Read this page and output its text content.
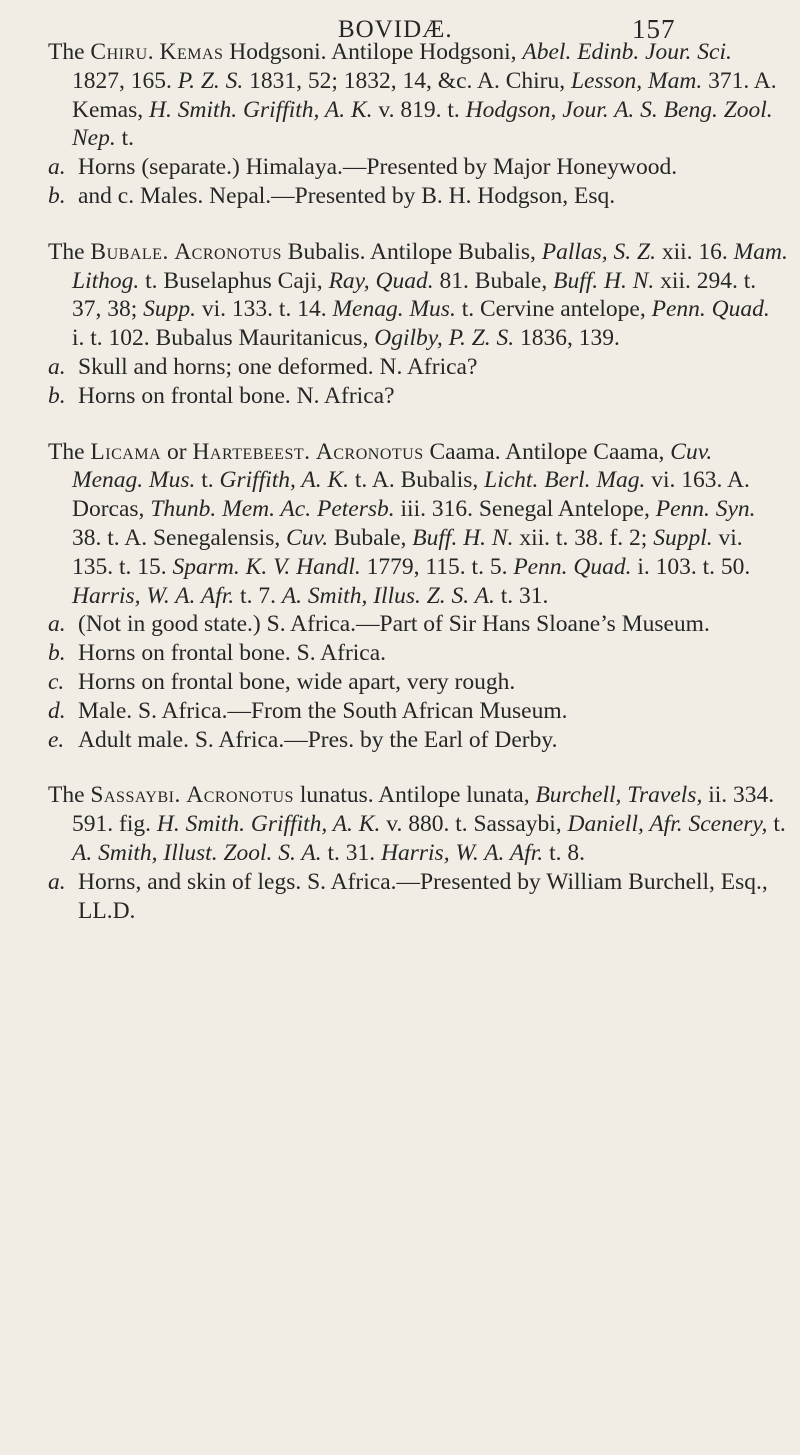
BOVIDÆ.	157

The Chiru. Kemas Hodgsoni. Antilope Hodgsoni, Abel. Edinb. Jour. Sci. 1827, 165. P. Z. S. 1831, 52; 1832, 14, &c. A. Chiru, Lesson, Mam. 371. A. Kemas, H. Smith. Griffith, A. K. v. 819. t. Hodgson, Jour. A. S. Beng. Zool. Nep. t.

a. Horns (separate.) Himalaya.—Presented by Major Honeywood.

b. and c. Males. Nepal.—Presented by B. H. Hodgson, Esq.

The Bubale. Acronotus Bubalis. Antilope Bubalis, Pallas, S. Z. xii. 16. Mam. Lithog. t. Buselaphus Caji, Ray, Quad. 81. Bubale, Buff. H. N. xii. 294. t. 37, 38; Supp. vi. 133. t. 14. Menag. Mus. t. Cervine antelope, Penn. Quad. i. t. 102. Bubalus Mauritanicus, Ogilby, P. Z. S. 1836, 139.

a. Skull and horns; one deformed. N. Africa?

b. Horns on frontal bone. N. Africa?

The Licama or Hartebeest. Acronotus Caama. Antilope Caama, Cuv. Menag. Mus. t. Griffith, A. K. t. A. Bubalis, Licht. Berl. Mag. vi. 163. A. Dorcas, Thunb. Mem. Ac. Petersb. iii. 316. Senegal Antelope, Penn. Syn. 38. t. A. Senegalensis, Cuv. Bubale, Buff. H. N. xii. t. 38. f. 2; Suppl. vi. 135. t. 15. Sparm. K. V. Handl. 1779, 115. t. 5. Penn. Quad. i. 103. t. 50. Harris, W. A. Afr. t. 7. A. Smith, Illus. Z. S. A. t. 31.

a. (Not in good state.) S. Africa.—Part of Sir Hans Sloane’s Museum.

b. Horns on frontal bone. S. Africa.

c. Horns on frontal bone, wide apart, very rough.

d. Male. S. Africa.—From the South African Museum.

e. Adult male. S. Africa.—Pres. by the Earl of Derby.

The Sassaybi. Acronotus lunatus. Antilope lunata, Burchell, Travels, ii. 334. 591. fig. H. Smith. Griffith, A. K. v. 880. t. Sassaybi, Daniell, Afr. Scenery, t. A. Smith, Illust. Zool. S. A. t. 31. Harris, W. A. Afr. t. 8.

a. Horns, and skin of legs. S. Africa.—Presented by William Burchell, Esq., LL.D.
